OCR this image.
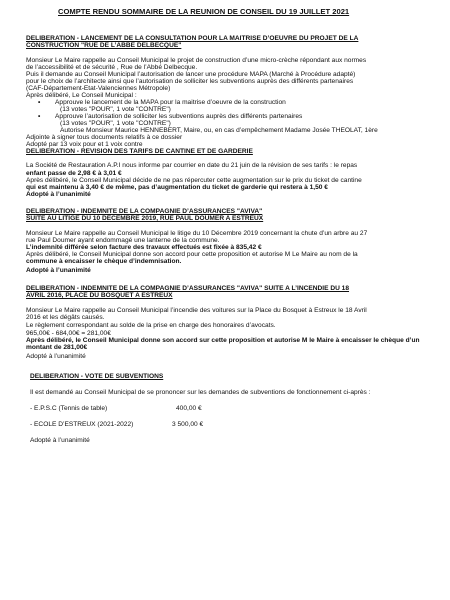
COMPTE RENDU SOMMAIRE DE LA REUNION DE CONSEIL DU 19 JUILLET 2021
DELIBERATION - LANCEMENT DE LA CONSULTATION POUR LA MAITRISE D’OEUVRE DU PROJET DE LA
CONSTRUCTION "RUE DE L’ABBE DELBECQUE"
Monsieur Le Maire rappelle au Conseil Municipal le projet de construction d’une micro-crèche répondant aux normes
de l’accessibilité et de sécurité , Rue de l’Abbé Delbecque.
Puis il demande au Conseil Municipal l’autorisation de lancer une procédure MAPA (Marché à Procédure adapté)
pour le choix de l’architecte ainsi que l’autorisation de solliciter les subventions auprès des différents partenaires
(CAF-Département-Etat-Valenciennes Métropole)
Après délibéré, Le Conseil Municipal :
• Approuve le lancement de la MAPA pour la maitrise d’oeuvre de la construction
(13 votes "POUR", 1 vote "CONTRE")
• Approuve l’autorisation de solliciter les subventions auprès des différents partenaires
(13 votes "POUR", 1 vote "CONTRE")
Autorise Monsieur Maurice HENNEBERT, Maire, ou, en cas d’empêchement Madame Josée THEOLAT, 1ère
Adjointe à signer tous documents relatifs à ce dossier
Adopté par 13 voix pour et 1 voix contre
DELIBERATION - REVISION DES TARIFS DE CANTINE ET DE GARDERIE
La Société de Restauration A.P.I nous informe par courrier en date du 21 juin de la révision de ses tarifs : le repas
enfant passe de 2,98 € à 3,01 €
Après délibéré, le Conseil Municipal décide de ne pas répercuter cette augmentation sur le prix du ticket de cantine
qui est maintenu à 3,40 € de même, pas d’augmentation du ticket de garderie qui restera à 1,50 €
Adopté à l’unanimité
DELIBERATION - INDEMNITE DE LA COMPAGNIE D’ASSURANCES "AVIVA"
SUITE AU LITIGE DU 10 DECEMBRE 2019, RUE PAUL DOUMER A ESTREUX
Monsieur Le Maire rappelle au Conseil Municipal le litige du 10 Décembre 2019 concernant la chute d’un arbre au 27
rue Paul Doumer ayant endommagé une lanterne de la commune.
L’indemnité différée selon facture des travaux effectués est fixée à 835,42 €
Après délibéré, le Conseil Municipal donne son accord pour cette proposition et autorise M Le Maire au nom de la
commune à encaisser le chèque d’indemnisation.
Adopté à l’unanimité
DELIBERATION - INDEMNITE DE LA COMPAGNIE D’ASSURANCES "AVIVA" SUITE A L’INCENDIE DU 18
AVRIL 2016, PLACE DU BOSQUET A ESTREUX
Monsieur Le Maire rappelle au Conseil Municipal l’incendie des voitures sur la Place du Bosquet à Estreux le 18 Avril
2016 et les dégâts causés.
Le règlement correspondant au solde de la prise en charge des honoraires d’avocats.
965,00€ - 684,00€ = 281,00€
Après délibéré, le Conseil Municipal donne son accord sur cette proposition et autorise M le Maire à encaisser le chèque d’un
montant de 281,00€
Adopté à l’unanimité
DELIBERATION - VOTE DE SUBVENTIONS
Il est demandé au Conseil Municipal de se prononcer sur les demandes de subventions de fonctionnement ci-après :
- E.P.S.C (Tennis de table)	400,00 €
- ECOLE D’ESTREUX (2021-2022)	3 500,00 €
Adopté à l’unanimité
